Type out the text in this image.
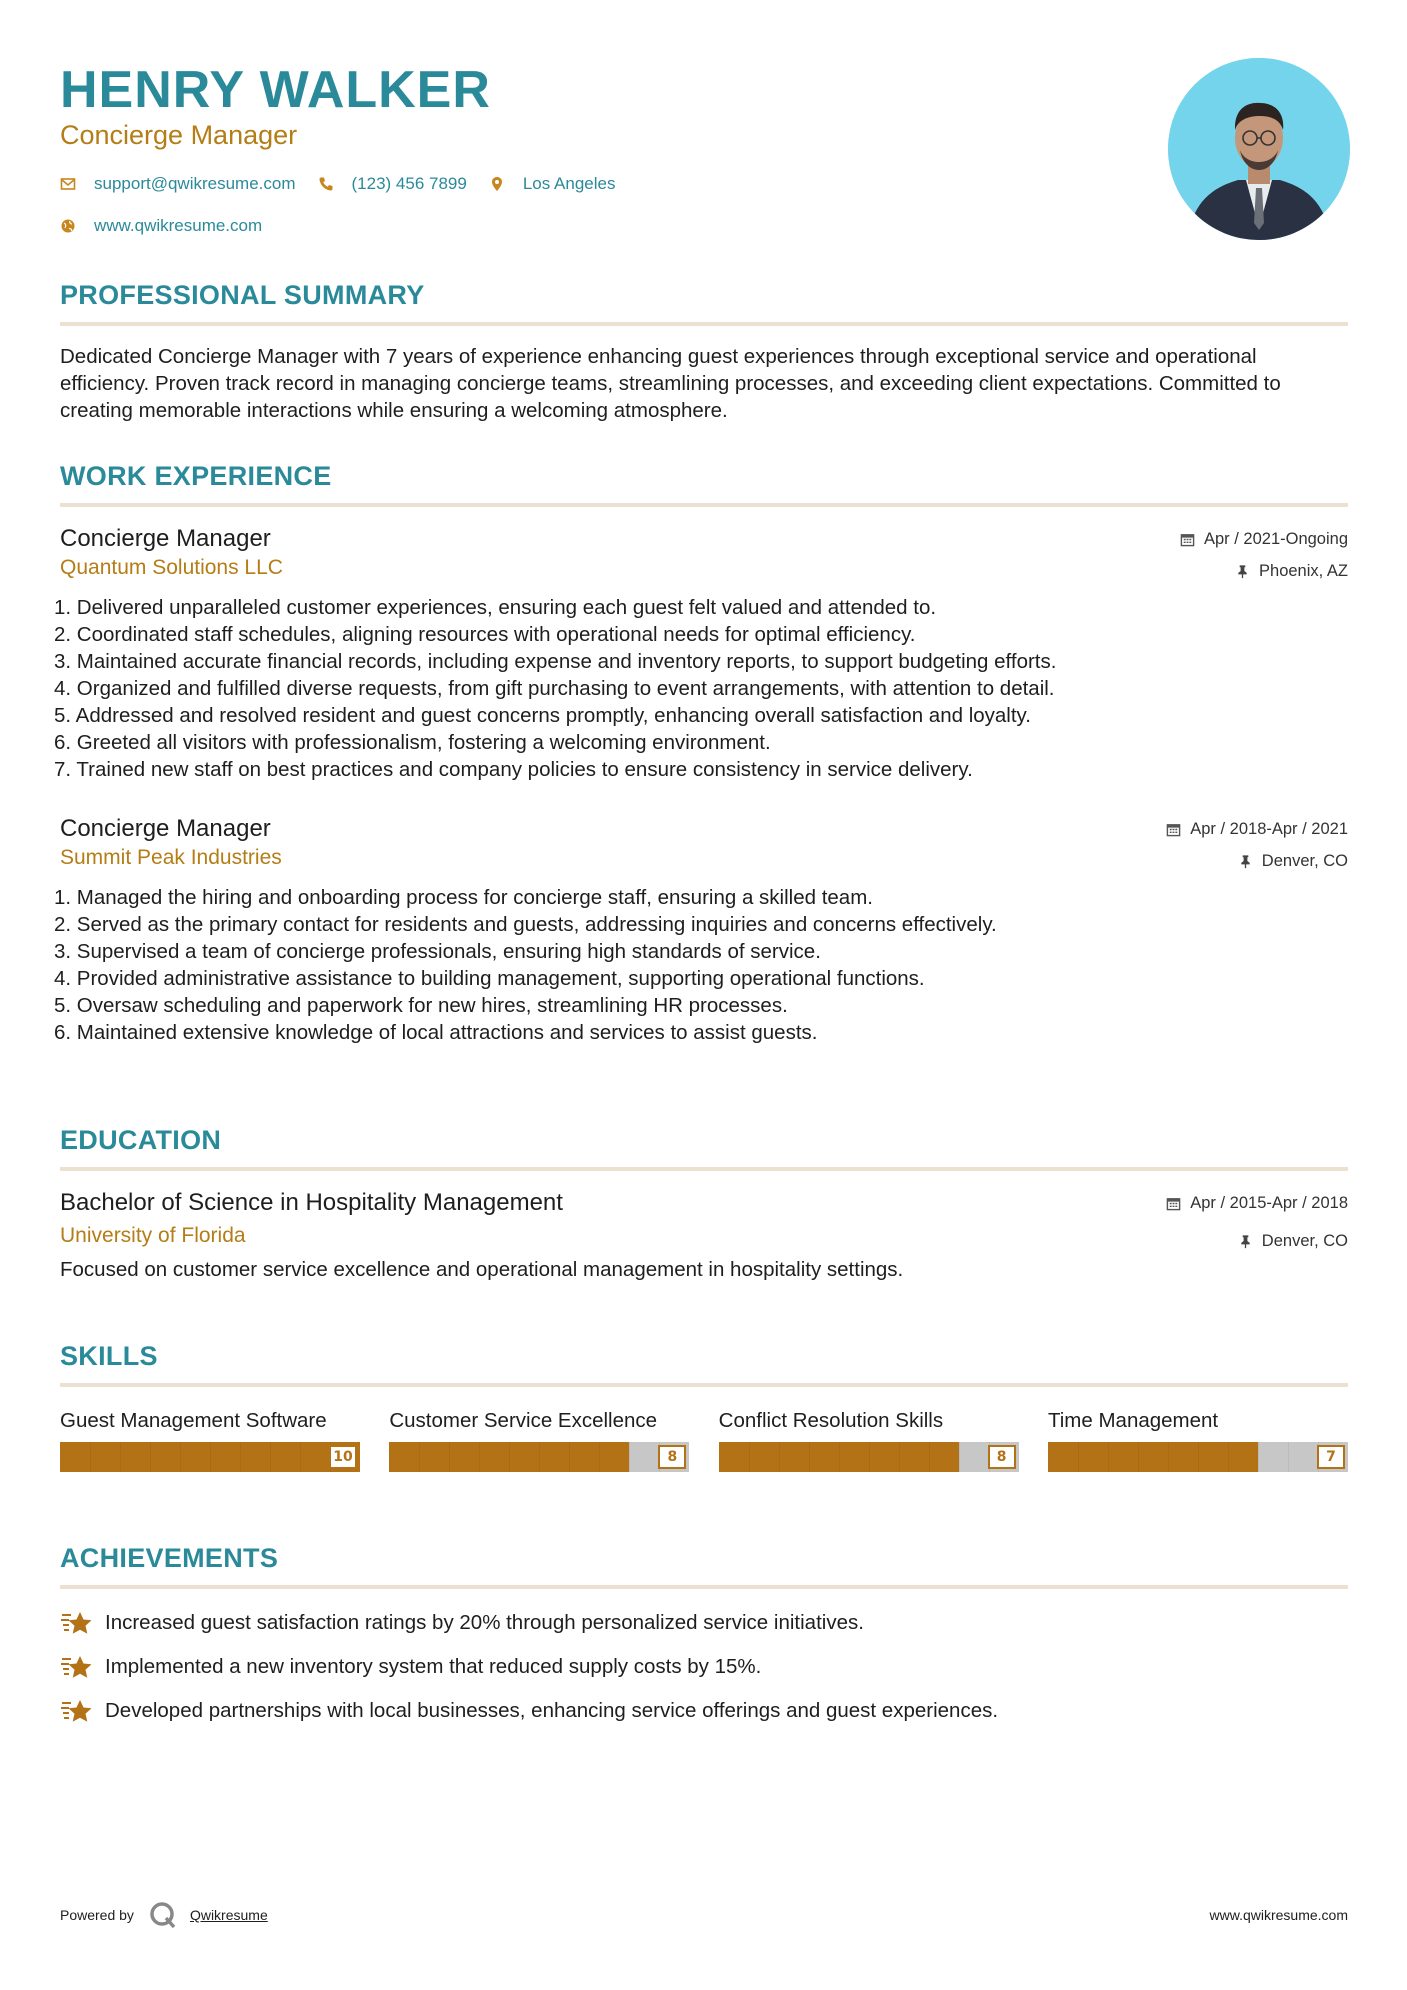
HENRY WALKER

Concierge Manager

support@qwikresume.com	(123) 456 7899	Los Angeles
www.qwikresume.com
PROFESSIONAL SUMMARY

Dedicated Concierge Manager with 7 years of experience enhancing guest experiences through exceptional service and operational efficiency. Proven track record in managing concierge teams, streamlining processes, and exceeding client expectations. Committed to creating memorable interactions while ensuring a welcoming atmosphere.

WORK EXPERIENCE

Concierge Manager

Quantum Solutions LLC

Apr / 2021-Ongoing
Phoenix, AZ
1. Delivered unparalleled customer experiences, ensuring each guest felt valued and attended to.
2. Coordinated staff schedules, aligning resources with operational needs for optimal efficiency.
3. Maintained accurate financial records, including expense and inventory reports, to support budgeting efforts.
4. Organized and fulfilled diverse requests, from gift purchasing to event arrangements, with attention to detail.
5. Addressed and resolved resident and guest concerns promptly, enhancing overall satisfaction and loyalty.
6. Greeted all visitors with professionalism, fostering a welcoming environment.
7. Trained new staff on best practices and company policies to ensure consistency in service delivery.

Concierge Manager

Summit Peak Industries

Apr / 2018-Apr / 2021
Denver, CO
1. Managed the hiring and onboarding process for concierge staff, ensuring a skilled team.
2. Served as the primary contact for residents and guests, addressing inquiries and concerns effectively.
3. Supervised a team of concierge professionals, ensuring high standards of service.
4. Provided administrative assistance to building management, supporting operational functions.
5. Oversaw scheduling and paperwork for new hires, streamlining HR processes.
6. Maintained extensive knowledge of local attractions and services to assist guests.
EDUCATION

Bachelor of Science in Hospitality Management

University of Florida

Apr / 2015-Apr / 2018
Denver, CO

Focused on customer service excellence and operational management in hospitality settings.

SKILLS

Guest Management Software

10

Customer Service Excellence

8

Conflict Resolution Skills

8

Time Management

7
ACHIEVEMENTS
Increased guest satisfaction ratings by 20% through personalized service initiatives.
Implemented a new inventory system that reduced supply costs by 15%.
Developed partnerships with local businesses, enhancing service offerings and guest experiences.
Powered by	Qwikresume	www.qwikresume.com
